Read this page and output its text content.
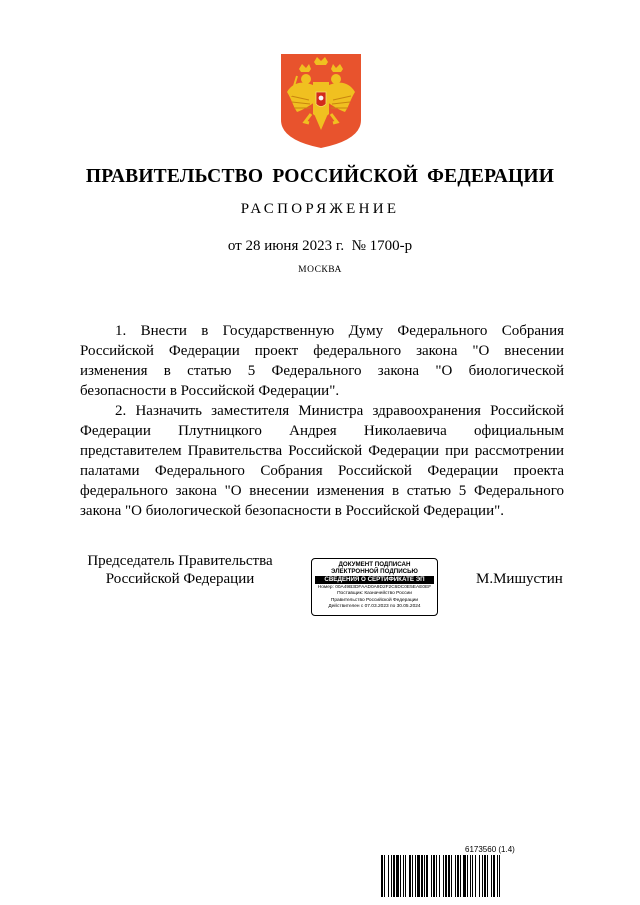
ПРАВИТЕЛЬСТВО РОССИЙСКОЙ ФЕДЕРАЦИИ
РАСПОРЯЖЕНИЕ
от 28 июня 2023 г. № 1700-р
МОСКВА

1. Внести в Государственную Думу Федерального Собрания Российской Федерации проект федерального закона "О внесении изменения в статью 5 Федерального закона "О биологической безопасности в Российской Федерации".

2. Назначить заместителя Министра здравоохранения Российской Федерации Плутницкого Андрея Николаевича официальным представителем Правительства Российской Федерации при рассмотрении палатами Федерального Собрания Российской Федерации проекта федерального закона "О внесении изменения в статью 5 Федерального закона "О биологической безопасности в Российской Федерации".

Председатель Правительства
Российской Федерации
ДОКУМЕНТ ПОДПИСАН
ЭЛЕКТРОННОЙ ПОДПИСЬЮ
СВЕДЕНИЯ О СЕРТИФИКАТЕ ЭП
Номер: 00A49B3DFAAD0A9D2F2C6DC0E5EAE0EF
Поставщик: Казначейство России
Правительство Российской Федерации
Действителен с 07.03.2023 по 30.05.2024
М.Мишустин
6173560 (1.4)
